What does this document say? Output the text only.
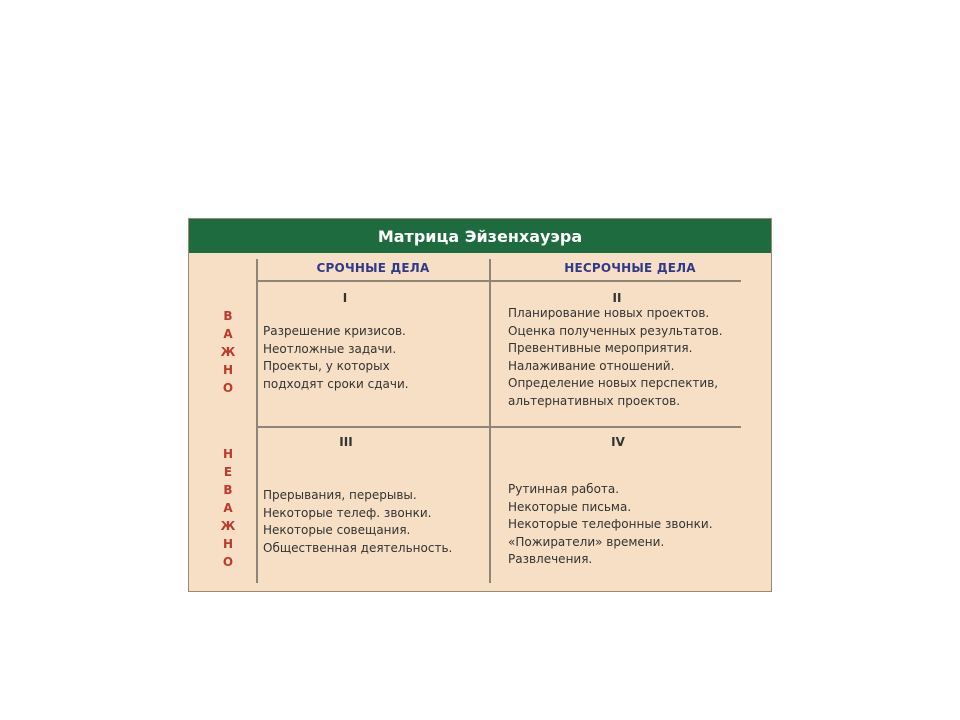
Матрица Эйзенхауэра
СРОЧНЫЕ ДЕЛА	НЕСРОЧНЫЕ ДЕЛА
В
А
Ж
Н
О
Н
Е
В
А
Ж
Н
О
I
Разрешение кризисов.
Неотложные задачи.
Проекты, у которых
подходят сроки сдачи.
II
Планирование новых проектов.
Оценка полученных результатов.
Превентивные мероприятия.
Налаживание отношений.
Определение новых перспектив,
альтернативных проектов.
III
Прерывания, перерывы.
Некоторые телеф. звонки.
Некоторые совещания.
Общественная деятельность.
IV
Рутинная работа.
Некоторые письма.
Некоторые телефонные звонки.
«Пожиратели» времени.
Развлечения.
